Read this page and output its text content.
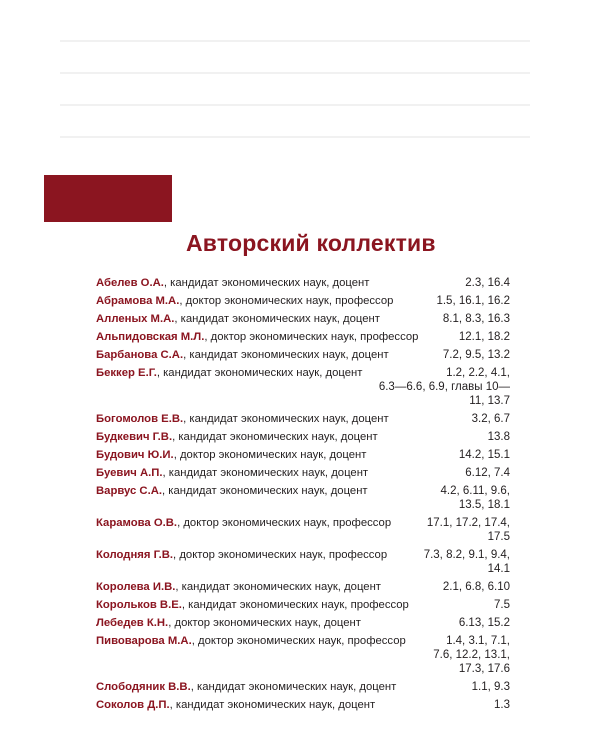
Авторский коллектив
Абелев О.А., кандидат экономических наук, доцент	2.3, 16.4
Абрамова М.А., доктор экономических наук, профессор	1.5, 16.1, 16.2
Алленых М.А., кандидат экономических наук, доцент	8.1, 8.3, 16.3
Альпидовская М.Л., доктор экономических наук, профессор	12.1, 18.2
Барбанова С.А., кандидат экономических наук, доцент	7.2, 9.5, 13.2
Беккер Е.Г., кандидат экономических наук, доцент	1.2, 2.2, 4.1,
6.3—6.6, 6.9, главы 10—11, 13.7
Богомолов Е.В., кандидат экономических наук, доцент	3.2, 6.7
Будкевич Г.В., кандидат экономических наук, доцент	13.8
Будович Ю.И., доктор экономических наук, доцент	14.2, 15.1
Буевич А.П., кандидат экономических наук, доцент	6.12, 7.4
Варвус С.А., кандидат экономических наук, доцент	4.2, 6.11, 9.6,
13.5, 18.1
Карамова О.В., доктор экономических наук, профессор	17.1, 17.2, 17.4,
17.5
Колодняя Г.В., доктор экономических наук, профессор	7.3, 8.2, 9.1, 9.4,
14.1
Королева И.В., кандидат экономических наук, доцент	2.1, 6.8, 6.10
Корольков В.Е., кандидат экономических наук, профессор	7.5
Лебедев К.Н., доктор экономических наук, доцент	6.13, 15.2
Пивоварова М.А., доктор экономических наук, профессор	1.4, 3.1, 7.1,
7.6, 12.2, 13.1, 17.3, 17.6
Слободяник В.В., кандидат экономических наук, доцент	1.1, 9.3
Соколов Д.П., кандидат экономических наук, доцент	1.3
